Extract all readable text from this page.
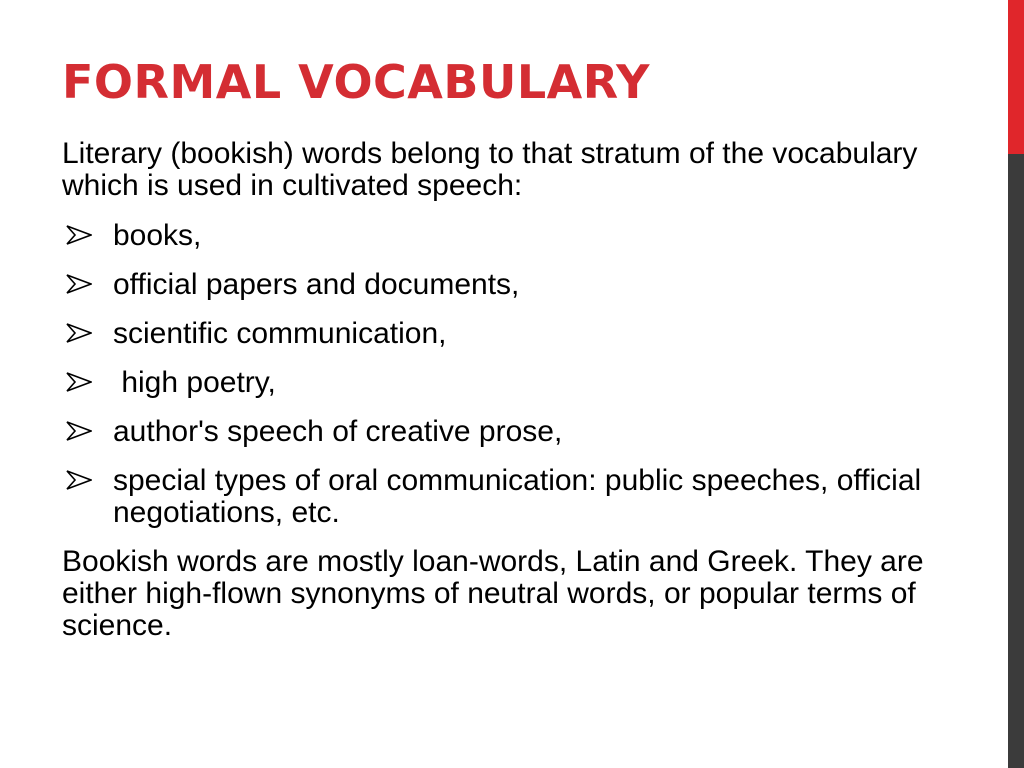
FORMAL VOCABULARY

Literary (bookish) words belong to that stratum of the vocabulary which is used in cultivated speech:

books,
official papers and documents,
scientific communication,
high poetry,
author's speech of creative prose,
special types of oral communication: public speeches, official negotiations, etc.

Bookish words are mostly loan-words, Latin and Greek. They are either high-flown synonyms of neutral words, or popular terms of science.
